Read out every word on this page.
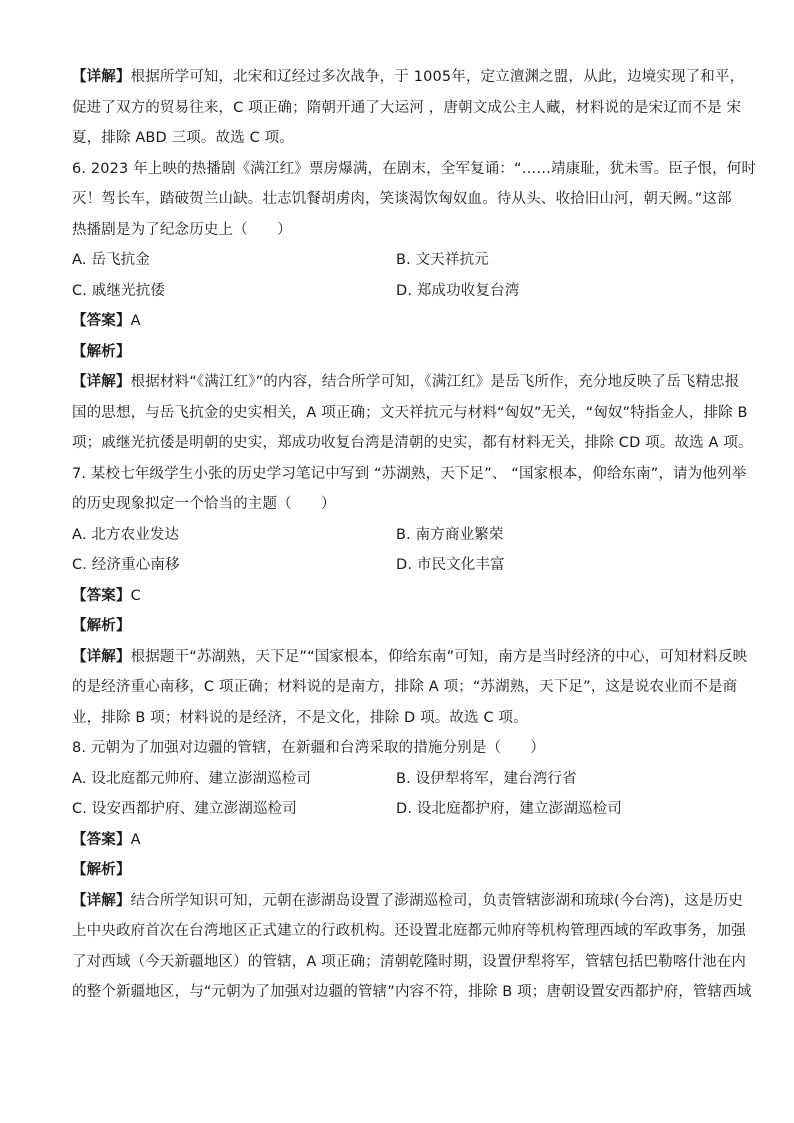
【详解】根据所学可知，北宋和辽经过多次战争，于 1005年，定立澶渊之盟，从此，边境实现了和平，
促进了双方的贸易往来，C 项正确；隋朝开通了大运河 ，唐朝文成公主人藏，材料说的是宋辽而不是 宋
夏，排除 ABD 三项。故选 C 项。
6. 2023 年上映的热播剧《满江红》票房爆满，在剧末，全军复诵：“……靖康耻，犹未雪。臣子恨，何时
灭！驾长车，踏破贺兰山缺。壮志饥餐胡虏肉，笑谈渴饮匈奴血。待从头、收拾旧山河，朝天阙。”这部
热播剧是为了纪念历史上（　　）
A. 岳飞抗金	B. 文天祥抗元
C. 戚继光抗倭	D. 郑成功收复台湾
【答案】A
【解析】
【详解】根据材料“《满江红》”的内容，结合所学可知，《满江红》是岳飞所作，充分地反映了岳飞精忠报
国的思想，与岳飞抗金的史实相关，A 项正确；文天祥抗元与材料“匈奴”无关，“匈奴”特指金人，排除 B
项；戚继光抗倭是明朝的史实，郑成功收复台湾是清朝的史实，都有材料无关，排除 CD 项。故选 A 项。
7. 某校七年级学生小张的历史学习笔记中写到 “苏湖熟，天下足”、 “国家根本，仰给东南”，请为他列举
的历史现象拟定一个恰当的主题（　　）
A. 北方农业发达	B. 南方商业繁荣
C. 经济重心南移	D. 市民文化丰富
【答案】C
【解析】
【详解】根据题干“苏湖熟，天下足”“国家根本，仰给东南”可知，南方是当时经济的中心，可知材料反映
的是经济重心南移，C 项正确；材料说的是南方，排除 A 项；“苏湖熟，天下足”，这是说农业而不是商
业，排除 B 项；材料说的是经济，不是文化，排除 D 项。故选 C 项。
8. 元朝为了加强对边疆的管辖，在新疆和台湾采取的措施分别是（　　）
A. 设北庭都元帅府、建立澎湖巡检司	B. 设伊犁将军，建台湾行省
C. 设安西都护府、建立澎湖巡检司	D. 设北庭都护府，建立澎湖巡检司
【答案】A
【解析】
【详解】结合所学知识可知，元朝在澎湖岛设置了澎湖巡检司，负责管辖澎湖和琉球(今台湾)，这是历史
上中央政府首次在台湾地区正式建立的行政机构。还设置北庭都元帅府等机构管理西域的军政事务，加强
了对西域（今天新疆地区）的管辖，A 项正确；清朝乾隆时期，设置伊犁将军，管辖包括巴勒喀什池在内
的整个新疆地区，与“元朝为了加强对边疆的管辖”内容不符，排除 B 项；唐朝设置安西都护府，管辖西域
